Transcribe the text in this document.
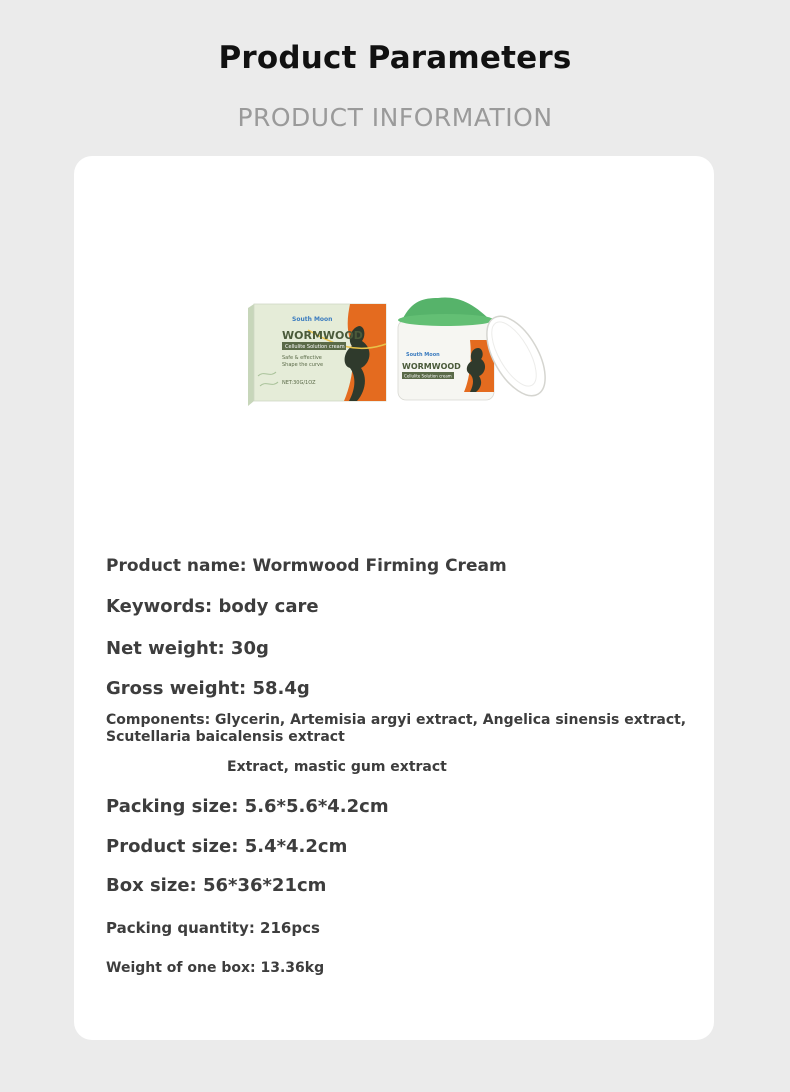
Product Parameters
PRODUCT INFORMATION
South Moon
WORMWOOD
Cellulite Solution cream
Safe & effective
Shape the curve
NET:30G/1OZ
South Moon
WORMWOOD
Cellulite Solution cream
Product name: Wormwood Firming Cream
Keywords: body care
Net weight: 30g
Gross weight: 58.4g
Components: Glycerin, Artemisia argyi extract, Angelica sinensis extract, Scutellaria baicalensis extract
Extract, mastic gum extract
Packing size: 5.6*5.6*4.2cm
Product size: 5.4*4.2cm
Box size: 56*36*21cm
Packing quantity: 216pcs
Weight of one box: 13.36kg
